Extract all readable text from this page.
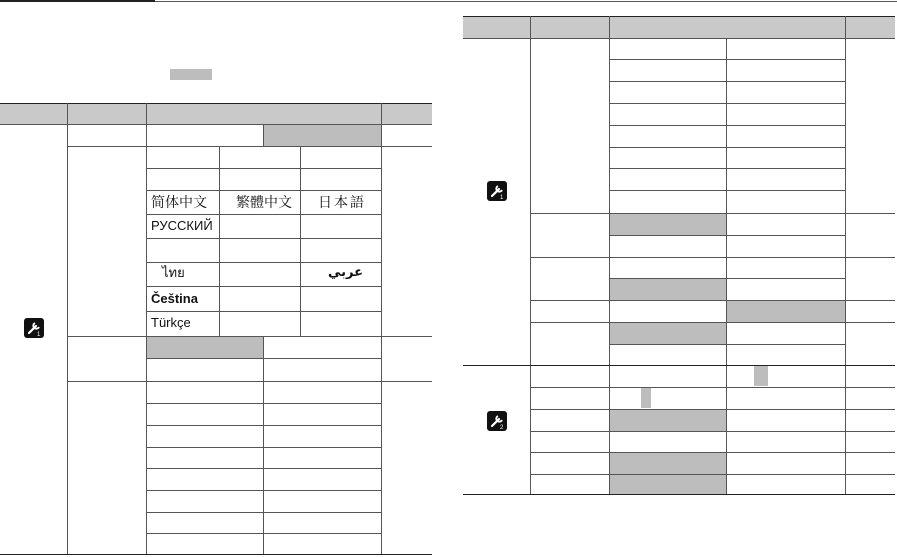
简体中文 繁體中文 日本語
РУССКИЙ
ไทย	عربي
Čeština
Türkçe
1
1
2
